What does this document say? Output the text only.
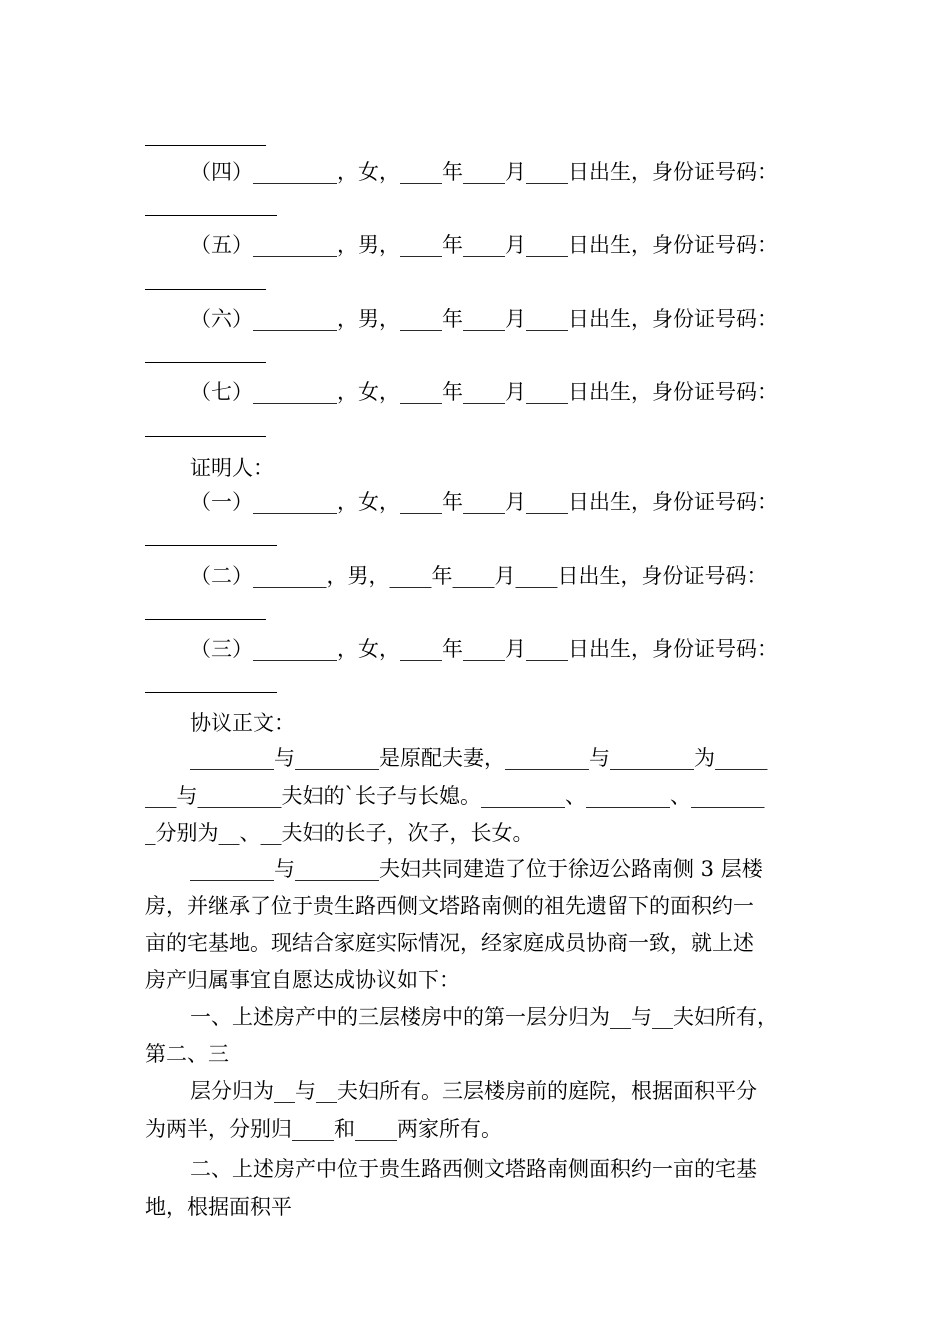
（四）________，女，____年____月____日出生，身份证号码：
（五）________，男，____年____月____日出生，身份证号码：
（六）________，男，____年____月____日出生，身份证号码：
（七）________，女，____年____月____日出生，身份证号码：
证明人：
（一）________，女，____年____月____日出生，身份证号码：
（二）_______，男，____年____月____日出生，身份证号码：
（三）________，女，____年____月____日出生，身份证号码：
协议正文：
________与________是原配夫妻，________与________为_____
___与________夫妇的`长子与长媳。________、________、_______
_分别为__、__夫妇的长子，次子，长女。
________与________夫妇共同建造了位于徐迈公路南侧 3 层楼
房，并继承了位于贵生路西侧文塔路南侧的祖先遗留下的面积约一
亩的宅基地。现结合家庭实际情况，经家庭成员协商一致，就上述
房产归属事宜自愿达成协议如下：
一、上述房产中的三层楼房中的第一层分归为__与__夫妇所有，
第二、三
层分归为__与__夫妇所有。三层楼房前的庭院，根据面积平分
为两半，分别归____和____两家所有。
二、上述房产中位于贵生路西侧文塔路南侧面积约一亩的宅基
地，根据面积平
